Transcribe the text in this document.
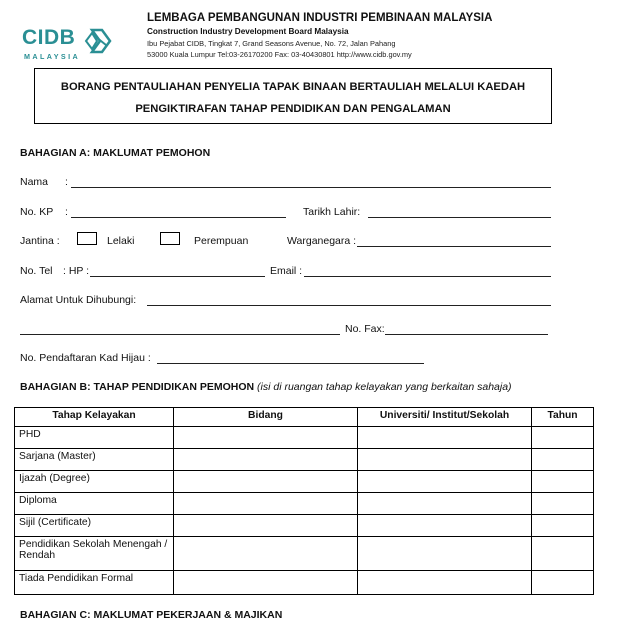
CIDB
MALAYSIA
LEMBAGA PEMBANGUNAN INDUSTRI PEMBINAAN MALAYSIA
Construction Industry Development Board Malaysia
Ibu Pejabat CIDB, Tingkat 7, Grand Seasons Avenue, No. 72, Jalan Pahang
53000 Kuala Lumpur Tel:03-26170200 Fax: 03-40430801 http://www.cidb.gov.my
BORANG PENTAULIAHAN PENYELIA TAPAK BINAAN BERTAULIAH MELALUI KAEDAH
PENGIKTIRAFAN TAHAP PENDIDIKAN DAN PENGALAMAN
BAHAGIAN A: MAKLUMAT PEMOHON
Nama :
No. KP :	Tarikh Lahir:
Jantina :	Lelaki	Perempuan	Warganegara :
No. Tel : HP :	Email :
Alamat Untuk Dihubungi:
No. Fax:
No. Pendaftaran Kad Hijau :
BAHAGIAN B: TAHAP PENDIDIKAN PEMOHON (isi di ruangan tahap kelayakan yang berkaitan sahaja)
Tahap Kelayakan	Bidang	Universiti/ Institut/Sekolah	Tahun
PHD			
Sarjana (Master)			
Ijazah (Degree)			
Diploma			
Sijil (Certificate)			
Pendidikan Sekolah Menengah / Rendah			
Tiada Pendidikan Formal			
BAHAGIAN C: MAKLUMAT PEKERJAAN & MAJIKAN
